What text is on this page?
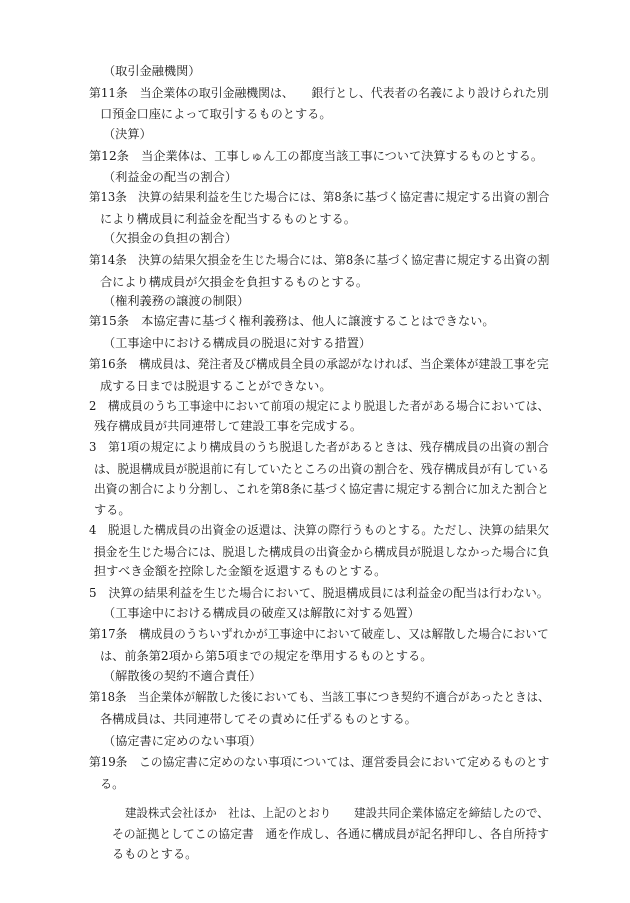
（取引金融機関）
第11条　当企業体の取引金融機関は、　　銀行とし、代表者の名義により設けられた別
口預金口座によって取引するものとする。
（決算）
第12条　当企業体は、工事しゅん工の都度当該工事について決算するものとする。
（利益金の配当の割合）
第13条　決算の結果利益を生じた場合には、第8条に基づく協定書に規定する出資の割合
により構成員に利益金を配当するものとする。
（欠損金の負担の割合）
第14条　決算の結果欠損金を生じた場合には、第8条に基づく協定書に規定する出資の割
合により構成員が欠損金を負担するものとする。
（権利義務の譲渡の制限）
第15条　本協定書に基づく権利義務は、他人に譲渡することはできない。
（工事途中における構成員の脱退に対する措置）
第16条　構成員は、発注者及び構成員全員の承認がなければ、当企業体が建設工事を完
成する日までは脱退することができない。
2　構成員のうち工事途中において前項の規定により脱退した者がある場合においては、
残存構成員が共同連帯して建設工事を完成する。
3　第1項の規定により構成員のうち脱退した者があるときは、残存構成員の出資の割合
は、脱退構成員が脱退前に有していたところの出資の割合を、残存構成員が有している
出資の割合により分割し、これを第8条に基づく協定書に規定する割合に加えた割合と
する。
4　脱退した構成員の出資金の返還は、決算の際行うものとする。ただし、決算の結果欠
損金を生じた場合には、脱退した構成員の出資金から構成員が脱退しなかった場合に負
担すべき金額を控除した金額を返還するものとする。
5　決算の結果利益を生じた場合において、脱退構成員には利益金の配当は行わない。
（工事途中における構成員の破産又は解散に対する処置）
第17条　構成員のうちいずれかが工事途中において破産し、又は解散した場合において
は、前条第2項から第5項までの規定を準用するものとする。
（解散後の契約不適合責任）
第18条　当企業体が解散した後においても、当該工事につき契約不適合があったときは、
各構成員は、共同連帯してその責めに任ずるものとする。
（協定書に定めのない事項）
第19条　この協定書に定めのない事項については、運営委員会において定めるものとす
る。
建設株式会社ほか　社は、上記のとおり　　建設共同企業体協定を締結したので、
その証拠としてこの協定書　通を作成し、各通に構成員が記名押印し、各自所持す
るものとする。
